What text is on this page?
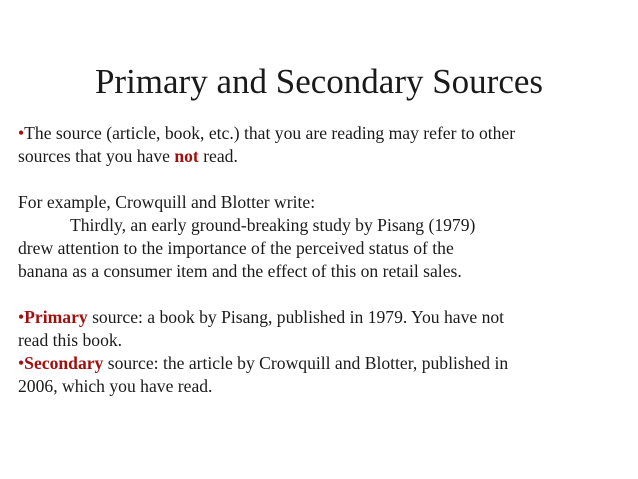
Primary and Secondary Sources
•The source (article, book, etc.) that you are reading may refer to other
sources that you have not read.
For example, Crowquill and Blotter write:
Thirdly, an early ground-breaking study by Pisang (1979)
drew attention to the importance of the perceived status of the
banana as a consumer item and the effect of this on retail sales.
•Primary source: a book by Pisang, published in 1979. You have not
read this book.
•Secondary source: the article by Crowquill and Blotter, published in
2006, which you have read.
